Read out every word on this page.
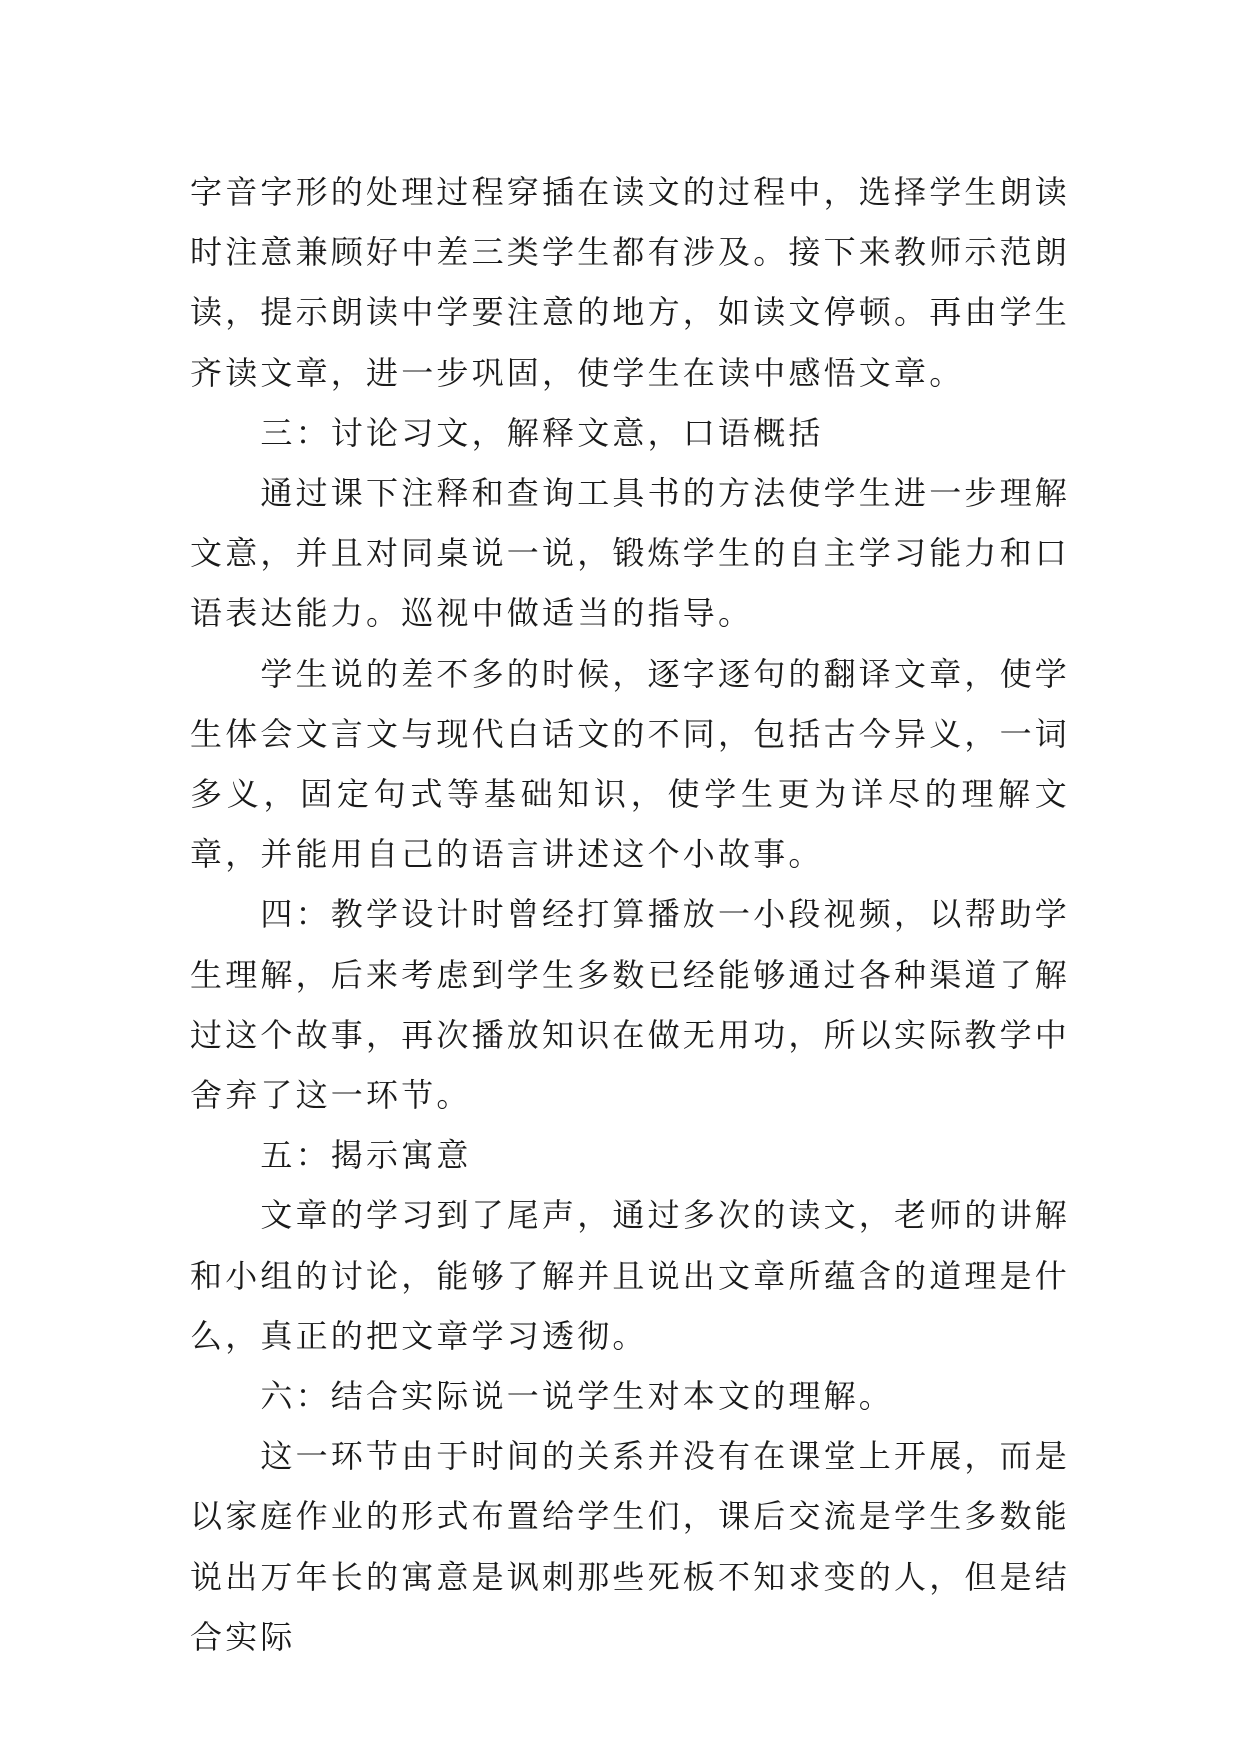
字音字形的处理过程穿插在读文的过程中，选择学生朗读时注意兼顾好中差三类学生都有涉及。接下来教师示范朗读，提示朗读中学要注意的地方，如读文停顿。再由学生齐读文章，进一步巩固，使学生在读中感悟文章。

三：讨论习文，解释文意，口语概括

通过课下注释和查询工具书的方法使学生进一步理解文意，并且对同桌说一说，锻炼学生的自主学习能力和口语表达能力。巡视中做适当的指导。

学生说的差不多的时候，逐字逐句的翻译文章，使学生体会文言文与现代白话文的不同，包括古今异义，一词多义，固定句式等基础知识，使学生更为详尽的理解文章，并能用自己的语言讲述这个小故事。

四：教学设计时曾经打算播放一小段视频，以帮助学生理解，后来考虑到学生多数已经能够通过各种渠道了解过这个故事，再次播放知识在做无用功，所以实际教学中舍弃了这一环节。

五：揭示寓意

文章的学习到了尾声，通过多次的读文，老师的讲解和小组的讨论，能够了解并且说出文章所蕴含的道理是什么，真正的把文章学习透彻。

六：结合实际说一说学生对本文的理解。

这一环节由于时间的关系并没有在课堂上开展，而是以家庭作业的形式布置给学生们，课后交流是学生多数能说出万年长的寓意是讽刺那些死板不知求变的人，但是结合实际
